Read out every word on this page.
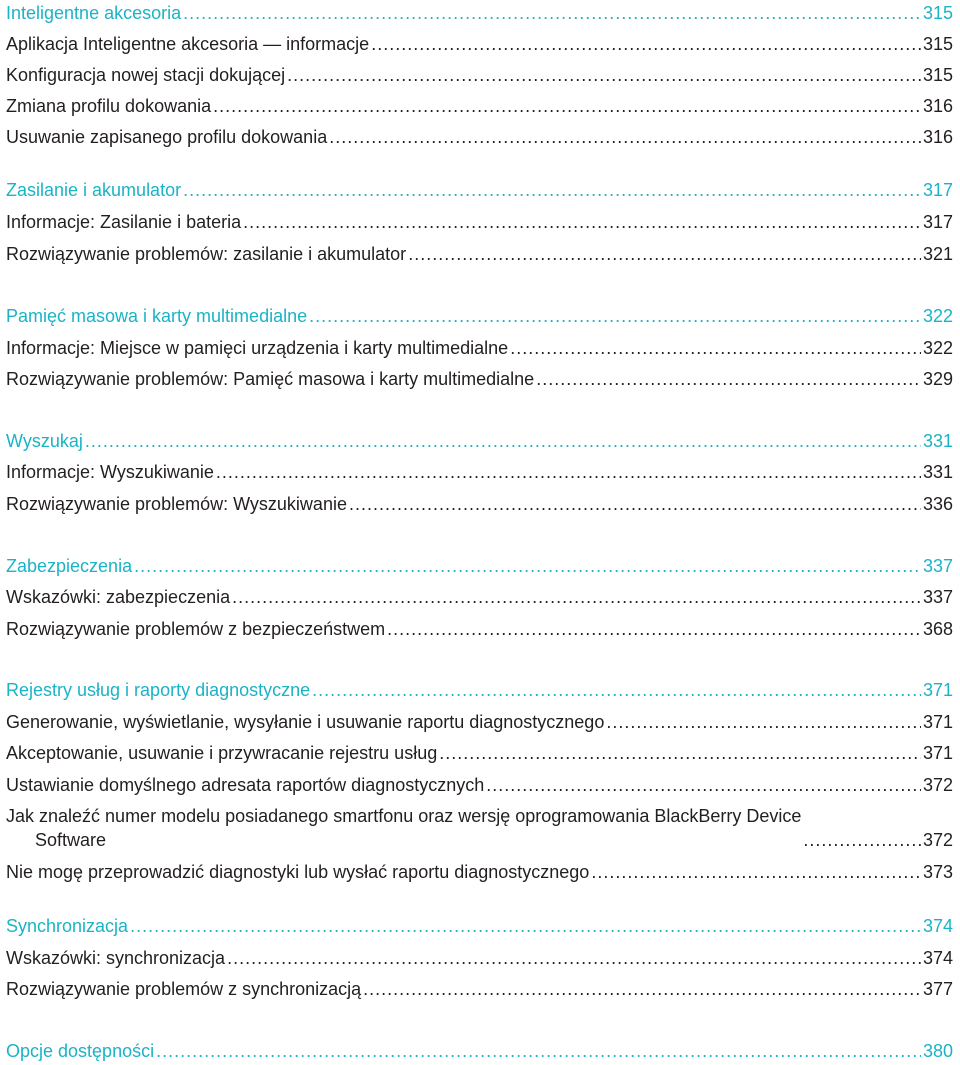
Inteligentne akcesoria .....	315
Aplikacja Inteligentne akcesoria — informacje .....	315
Konfiguracja nowej stacji dokującej .....	315
Zmiana profilu dokowania .....	316
Usuwanie zapisanego profilu dokowania .....	316
Zasilanie i akumulator .....	317
Informacje: Zasilanie i bateria .....	317
Rozwiązywanie problemów: zasilanie i akumulator .....	321
Pamięć masowa i karty multimedialne .....	322
Informacje: Miejsce w pamięci urządzenia i karty multimedialne .....	322
Rozwiązywanie problemów: Pamięć masowa i karty multimedialne .....	329
Wyszukaj .....	331
Informacje: Wyszukiwanie .....	331
Rozwiązywanie problemów: Wyszukiwanie .....	336
Zabezpieczenia .....	337
Wskazówki: zabezpieczenia .....	337
Rozwiązywanie problemów z bezpieczeństwem .....	368
Rejestry usług i raporty diagnostyczne .....	371
Generowanie, wyświetlanie, wysyłanie i usuwanie raportu diagnostycznego .....	371
Akceptowanie, usuwanie i przywracanie rejestru usług .....	371
Ustawianie domyślnego adresata raportów diagnostycznych .....	372
Jak znaleźć numer modelu posiadanego smartfonu oraz wersję oprogramowania BlackBerry Device
Software .....	372
Nie mogę przeprowadzić diagnostyki lub wysłać raportu diagnostycznego .....	373
Synchronizacja .....	374
Wskazówki: synchronizacja .....	374
Rozwiązywanie problemów z synchronizacją .....	377
Opcje dostępności .....	380
